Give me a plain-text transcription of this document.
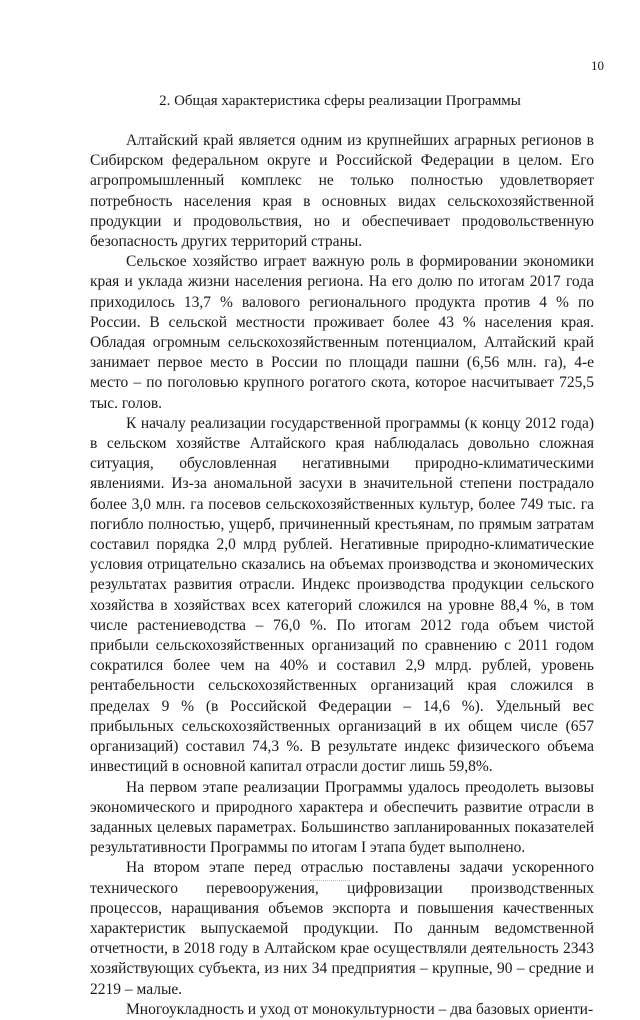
10
2. Общая характеристика сферы реализации Программы

Алтайский край является одним из крупнейших аграрных регионов в Сибирском федеральном округе и Российской Федерации в целом. Его агропромышленный комплекс не только полностью удовлетворяет потребность населения края в основных видах сельскохозяйственной продукции и продовольствия, но и обеспечивает продовольственную безопасность других территорий страны.

Сельское хозяйство играет важную роль в формировании экономики края и уклада жизни населения региона. На его долю по итогам 2017 года приходилось 13,7 % валового регионального продукта против 4 % по России. В сельской местности проживает более 43 % населения края. Обладая огромным сельскохозяйственным потенциалом, Алтайский край занимает первое место в России по площади пашни (6,56 млн. га), 4-е место – по поголовью крупного рогатого скота, которое насчитывает 725,5 тыс. голов.

К началу реализации государственной программы (к концу 2012 года) в сельском хозяйстве Алтайского края наблюдалась довольно сложная ситуация, обусловленная негативными природно-климатическими явлениями. Из-за аномальной засухи в значительной степени пострадало более 3,0 млн. га посевов сельскохозяйственных культур, более 749 тыс. га погибло полностью, ущерб, причиненный крестьянам, по прямым затратам составил порядка 2,0 млрд рублей. Негативные природно-климатические условия отрицательно сказались на объемах производства и экономических результатах развития отрасли. Индекс производства продукции сельского хозяйства в хозяйствах всех категорий сложился на уровне 88,4 %, в том числе растениеводства – 76,0 %. По итогам 2012 года объем чистой прибыли сельскохозяйственных организаций по сравнению с 2011 годом сократился более чем на 40% и составил 2,9 млрд. рублей, уровень рентабельности сельскохозяйственных организаций края сложился в пределах 9 % (в Российской Федерации – 14,6 %). Удельный вес прибыльных сельскохозяйственных организаций в их общем числе (657 организаций) составил 74,3 %. В результате индекс физического объема инвестиций в основной капитал отрасли достиг лишь 59,8%.

На первом этапе реализации Программы удалось преодолеть вызовы экономического и природного характера и обеспечить развитие отрасли в заданных целевых параметрах. Большинство запланированных показателей результативности Программы по итогам I этапа будет выполнено.

На втором этапе перед отраслью поставлены задачи ускоренного технического перевооружения, цифровизации производственных процессов, наращивания объемов экспорта и повышения качественных характеристик выпускаемой продукции. По данным ведомственной отчетности, в 2018 году в Алтайском крае осуществляли деятельность 2343 хозяйствующих субъекта, из них 34 предприятия – крупные, 90 – средние и 2219 – малые.

Многоукладность и уход от монокультурности – два базовых ориенти-
